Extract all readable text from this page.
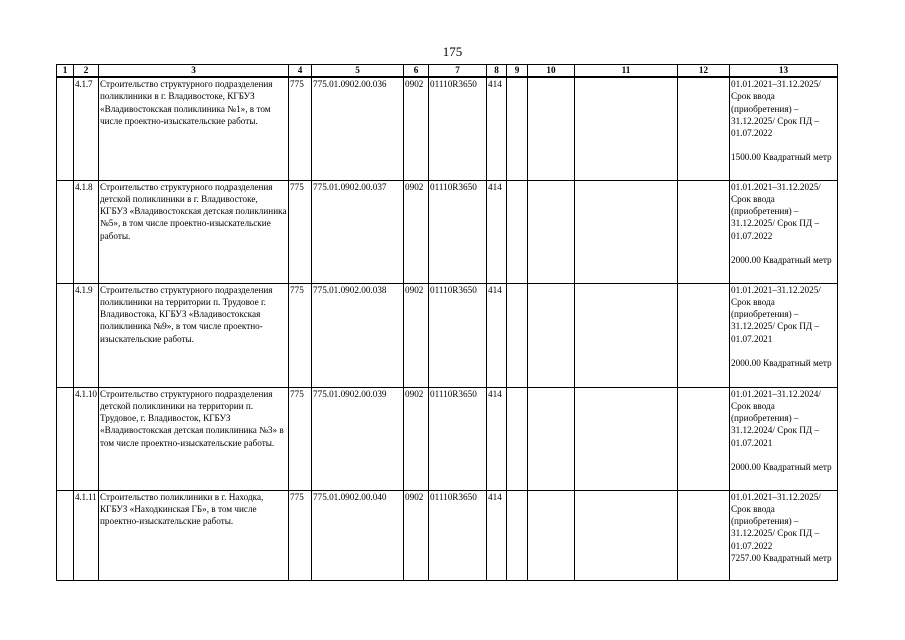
175
1	2	3	4	5	6	7	8	9	10	11	12	13
	4.1.7	Строительство структурного подразделения поликлиники в г. Владивостоке, КГБУЗ «Владивостокская поликлиника №1», в том числе проектно-изыскательские работы.	775	775.01.0902.00.036	0902	01110R3650	414					01.01.2021–31.12.2025/ Срок ввода (приобретения) – 31.12.2025/ Срок ПД – 01.07.2022
1500.00 Квадратный метр

	4.1.8	Строительство структурного подразделения детской поликлиники в г. Владивостоке, КГБУЗ «Владивостокская детская поликлиника №5», в том числе проектно-изыскательские работы.	775	775.01.0902.00.037	0902	01110R3650	414					01.01.2021–31.12.2025/ Срок ввода (приобретения) – 31.12.2025/ Срок ПД – 01.07.2022
2000.00 Квадратный метр

	4.1.9	Строительство структурного подразделения поликлиники на территории п. Трудовое г. Владивостока, КГБУЗ «Владивостокская поликлиника №9», в том числе проектно-изыскательские работы.	775	775.01.0902.00.038	0902	01110R3650	414					01.01.2021–31.12.2025/ Срок ввода (приобретения) – 31.12.2025/ Срок ПД – 01.07.2021
2000.00 Квадратный метр

	4.1.10	Строительство структурного подразделения детской поликлиники на территории п. Трудовое, г. Владивосток, КГБУЗ «Владивостокская детская поликлиника №3» в том числе проектно-изыскательские работы.	775	775.01.0902.00.039	0902	01110R3650	414					01.01.2021–31.12.2024/ Срок ввода (приобретения) – 31.12.2024/ Срок ПД – 01.07.2021
2000.00 Квадратный метр

	4.1.11	Строительство поликлиники в г. Находка, КГБУЗ «Находкинская ГБ», в том числе проектно-изыскательские работы.	775	775.01.0902.00.040	0902	01110R3650	414					01.01.2021–31.12.2025/ Срок ввода (приобретения) – 31.12.2025/ Срок ПД – 01.07.2022
7257.00 Квадратный метр
